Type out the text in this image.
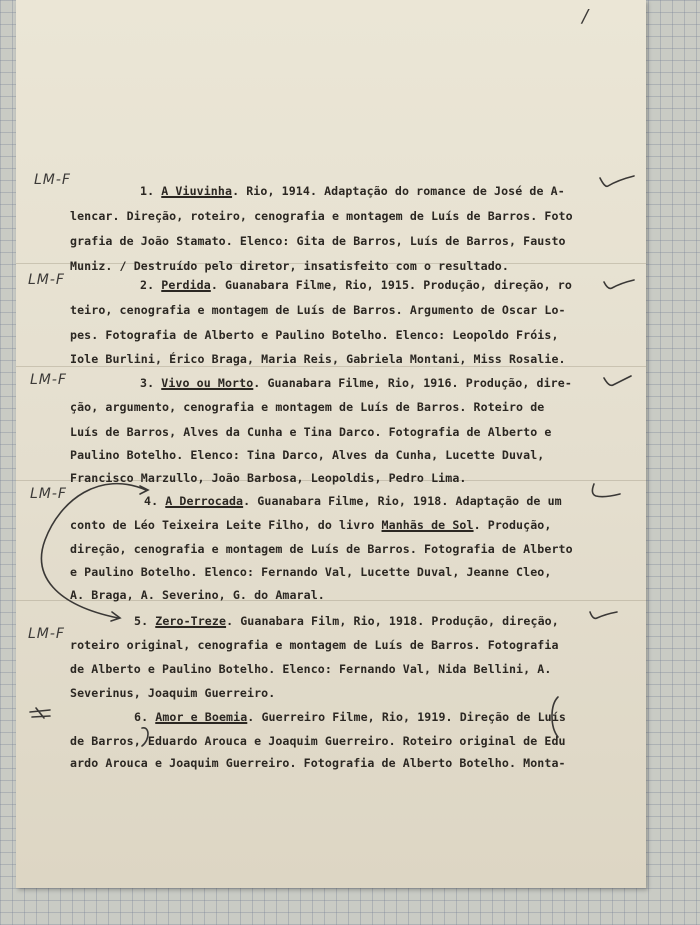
/
LM-F
LM-F
LM-F
LM-F
LM-F
1. A Viuvinha. Rio, 1914. Adaptação do romance de José de A-
lencar. Direção, roteiro, cenografia e montagem de Luís de Barros. Foto
grafia de João Stamato. Elenco: Gita de Barros, Luís de Barros, Fausto
Muniz. / Destruído pelo diretor, insatisfeito com o resultado.
2. Perdida. Guanabara Filme, Rio, 1915. Produção, direção, ro
teiro, cenografia e montagem de Luís de Barros. Argumento de Oscar Lo-
pes. Fotografia de Alberto e Paulino Botelho. Elenco: Leopoldo Fróis,
Iole Burlini, Érico Braga, Maria Reis, Gabriela Montani, Miss Rosalie.
3. Vivo ou Morto. Guanabara Filme, Rio, 1916. Produção, dire-
ção, argumento, cenografia e montagem de Luís de Barros. Roteiro de
Luís de Barros, Alves da Cunha e Tina Darco. Fotografia de Alberto e
Paulino Botelho. Elenco: Tina Darco, Alves da Cunha, Lucette Duval,
Francisco Marzullo, João Barbosa, Leopoldis, Pedro Lima.
4. A Derrocada. Guanabara Filme, Rio, 1918. Adaptação de um
conto de Léo Teixeira Leite Filho, do livro Manhãs de Sol. Produção,
direção, cenografia e montagem de Luís de Barros. Fotografia de Alberto
e Paulino Botelho. Elenco: Fernando Val, Lucette Duval, Jeanne Cleo,
A. Braga, A. Severino, G. do Amaral.
5. Zero-Treze. Guanabara Film, Rio, 1918. Produção, direção,
roteiro original, cenografia e montagem de Luís de Barros. Fotografia
de Alberto e Paulino Botelho. Elenco: Fernando Val, Nida Bellini, A.
Severinus, Joaquim Guerreiro.
6. Amor e Boemia. Guerreiro Filme, Rio, 1919. Direção de Luís
de Barros, Eduardo Arouca e Joaquim Guerreiro. Roteiro original de Edu
ardo Arouca e Joaquim Guerreiro. Fotografia de Alberto Botelho. Monta-
